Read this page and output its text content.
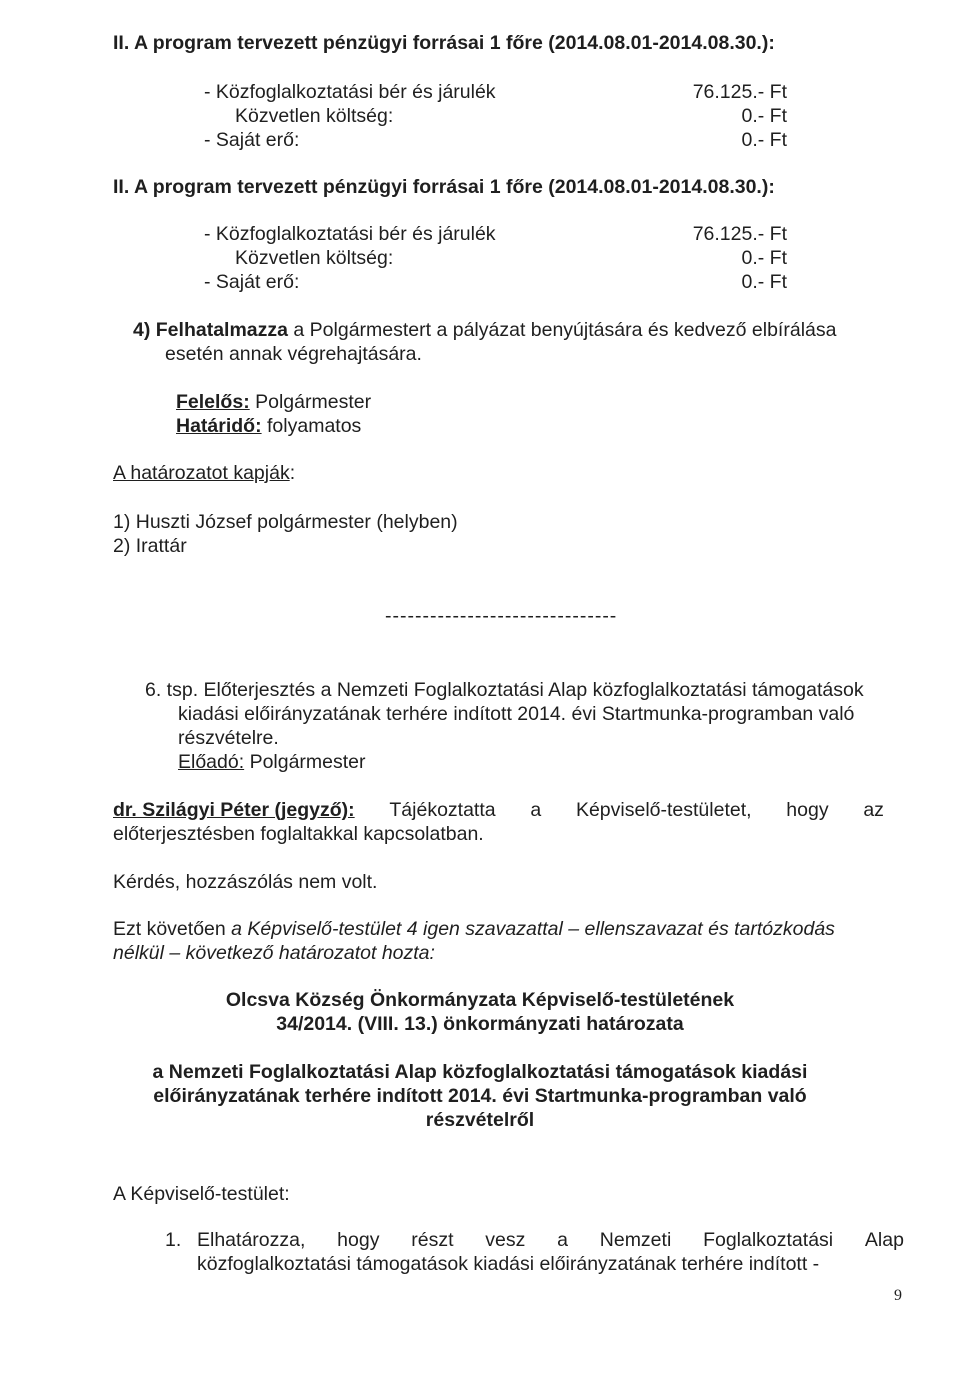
II. A program tervezett pénzügyi forrásai 1 főre (2014.08.01-2014.08.30.):
- Közfoglalkoztatási bér és járulék
Közvetlen költség:
- Saját erő:
76.125.- Ft
0.- Ft
0.- Ft
II. A program tervezett pénzügyi forrásai 1 főre (2014.08.01-2014.08.30.):
- Közfoglalkoztatási bér és járulék
Közvetlen költség:
- Saját erő:
76.125.- Ft
0.- Ft
0.- Ft
4) Felhatalmazza a Polgármestert a pályázat benyújtására és kedvező elbírálása
esetén annak végrehajtására.
Felelős: Polgármester
Határidő: folyamatos
A határozatot kapják:
1) Huszti József polgármester (helyben)
2) Irattár
-------------------------------
6. tsp. Előterjesztés a Nemzeti Foglalkoztatási Alap közfoglalkoztatási támogatások
kiadási előirányzatának terhére indított 2014. évi Startmunka-programban való
részvételre.
Előadó: Polgármester
dr. Szilágyi Péter (jegyző): Tájékoztatta a Képviselő-testületet, hogy az
előterjesztésben foglaltakkal kapcsolatban.
Kérdés, hozzászólás nem volt.
Ezt követően a Képviselő-testület 4 igen szavazattal – ellenszavazat és tartózkodás
nélkül – következő határozatot hozta:
Olcsva Község Önkormányzata Képviselő-testületének
34/2014. (VIII. 13.) önkormányzati határozata
a Nemzeti Foglalkoztatási Alap közfoglalkoztatási támogatások kiadási
előirányzatának terhére indított 2014. évi Startmunka-programban való
részvételről
A Képviselő-testület:
1. Elhatározza, hogy részt vesz a Nemzeti Foglalkoztatási Alap
közfoglalkoztatási támogatások kiadási előirányzatának terhére indított -
9
